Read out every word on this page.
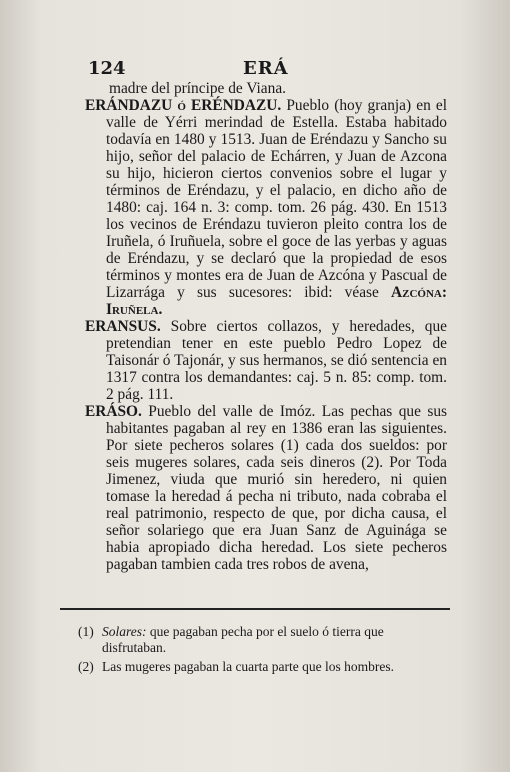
124	ERÁ

madre del príncipe de Viana.

ERÁNDAZU ó ERÉNDAZU. Pueblo (hoy granja) en el valle de Yérri merindad de Estella. Estaba habitado todavía en 1480 y 1513. Juan de Eréndazu y Sancho su hijo, señor del palacio de Echárren, y Juan de Azcona su hijo, hicieron ciertos convenios sobre el lugar y términos de Eréndazu, y el palacio, en dicho año de 1480: caj. 164 n. 3: comp. tom. 26 pág. 430. En 1513 los vecinos de Eréndazu tuvieron pleito contra los de Iruñela, ó Iruñuela, sobre el goce de las yerbas y aguas de Eréndazu, y se declaró que la propiedad de esos términos y montes era de Juan de Azcóna y Pascual de Lizarrága y sus sucesores: ibid: véase Azcóna: Iruñela.

ERANSUS. Sobre ciertos collazos, y heredades, que pretendian tener en este pueblo Pedro Lopez de Taisonár ó Tajonár, y sus hermanos, se dió sentencia en 1317 contra los demandantes: caj. 5 n. 85: comp. tom. 2 pág. 111.

ERÁSO. Pueblo del valle de Imóz. Las pechas que sus habitantes pagaban al rey en 1386 eran las siguientes. Por siete pecheros solares (1) cada dos sueldos: por seis mugeres solares, cada seis dineros (2). Por Toda Jimenez, viuda que murió sin heredero, ni quien tomase la heredad á pecha ni tributo, nada cobraba el real patrimonio, respecto de que, por dicha causa, el señor solariego que era Juan Sanz de Aguinága se habia apropiado dicha heredad. Los siete pecheros pagaban tambien cada tres robos de avena,

(1) Solares: que pagaban pecha por el suelo ó tierra que disfrutaban.

(2) Las mugeres pagaban la cuarta parte que los hombres.
